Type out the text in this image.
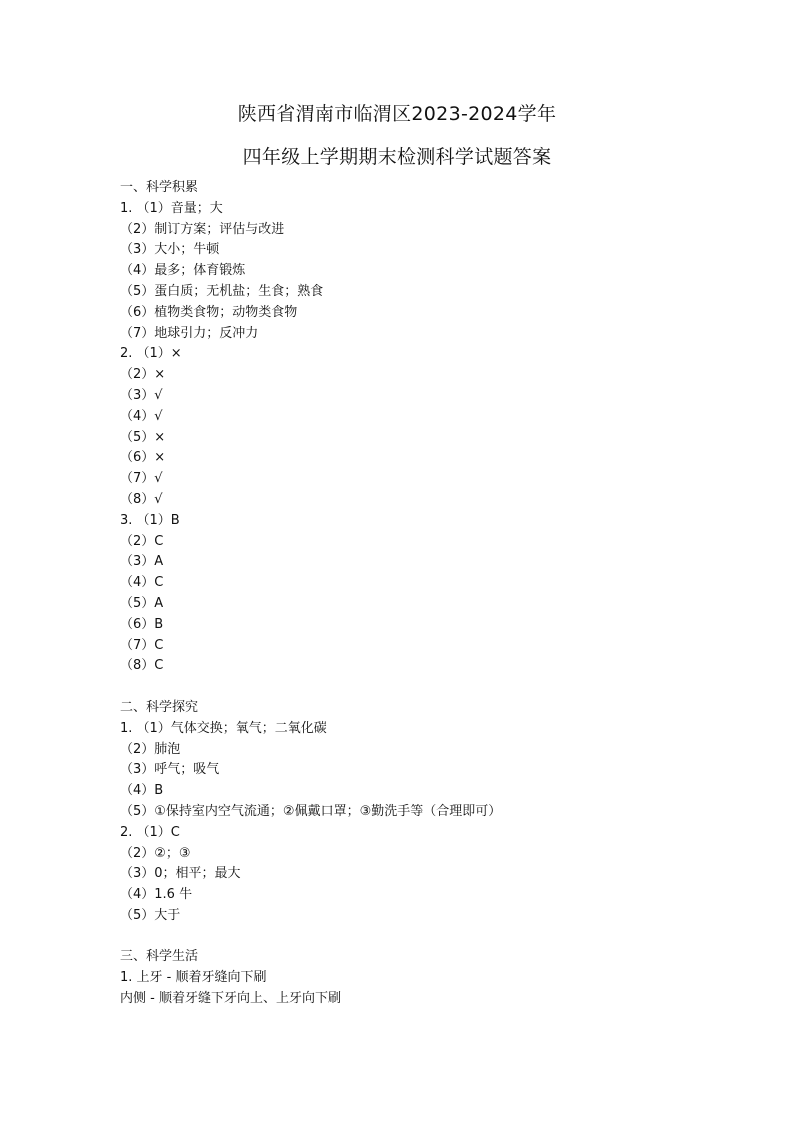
陕西省渭南市临渭区2023-2024学年
四年级上学期期末检测科学试题答案
一、科学积累
1. （1）音量；大
（2）制订方案；评估与改进
（3）大小；牛顿
（4）最多；体育锻炼
（5）蛋白质；无机盐；生食；熟食
（6）植物类食物；动物类食物
（7）地球引力；反冲力
2. （1）×
（2）×
（3）√
（4）√
（5）×
（6）×
（7）√
（8）√
3. （1）B
（2）C
（3）A
（4）C
（5）A
（6）B
（7）C
（8）C
二、科学探究
1. （1）气体交换；氧气；二氧化碳
（2）肺泡
（3）呼气；吸气
（4）B
（5）①保持室内空气流通；②佩戴口罩；③勤洗手等（合理即可）
2. （1）C
（2）②；③
（3）0；相平；最大
（4）1.6 牛
（5）大于
三、科学生活
1. 上牙 - 顺着牙缝向下刷
内侧 - 顺着牙缝下牙向上、上牙向下刷
